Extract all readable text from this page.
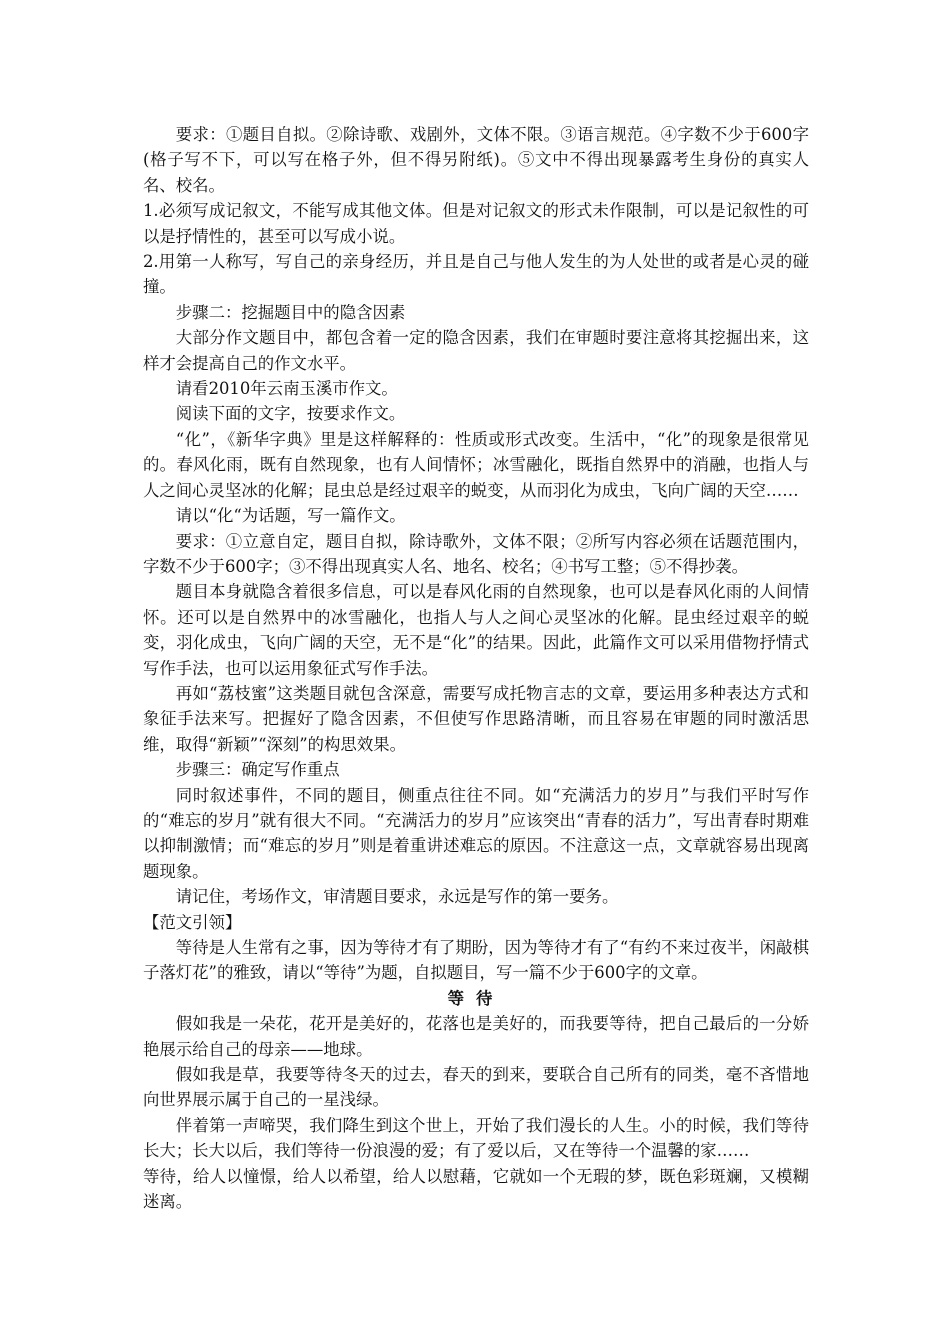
要求：①题目自拟。②除诗歌、戏剧外，文体不限。③语言规范。④字数不少于600字(格子写不下，可以写在格子外，但不得另附纸)。⑤文中不得出现暴露考生身份的真实人名、校名。

1.必须写成记叙文，不能写成其他文体。但是对记叙文的形式未作限制，可以是记叙性的可以是抒情性的，甚至可以写成小说。

2.用第一人称写，写自己的亲身经历，并且是自己与他人发生的为人处世的或者是心灵的碰撞。

步骤二：挖掘题目中的隐含因素

大部分作文题目中，都包含着一定的隐含因素，我们在审题时要注意将其挖掘出来，这样才会提高自己的作文水平。

请看2010年云南玉溪市作文。

阅读下面的文字，按要求作文。

“化”，《新华字典》里是这样解释的：性质或形式改变。生活中，“化”的现象是很常见的。春风化雨，既有自然现象，也有人间情怀；冰雪融化，既指自然界中的消融，也指人与人之间心灵坚冰的化解；昆虫总是经过艰辛的蜕变，从而羽化为成虫，飞向广阔的天空……

请以“化“为话题，写一篇作文。

要求：①立意自定，题目自拟，除诗歌外，文体不限；②所写内容必须在话题范围内，字数不少于600字；③不得出现真实人名、地名、校名；④书写工整；⑤不得抄袭。

题目本身就隐含着很多信息，可以是春风化雨的自然现象，也可以是春风化雨的人间情怀。还可以是自然界中的冰雪融化，也指人与人之间心灵坚冰的化解。昆虫经过艰辛的蜕变，羽化成虫，飞向广阔的天空，无不是“化”的结果。因此，此篇作文可以采用借物抒情式写作手法，也可以运用象征式写作手法。

再如“荔枝蜜”这类题目就包含深意，需要写成托物言志的文章，要运用多种表达方式和象征手法来写。把握好了隐含因素，不但使写作思路清晰，而且容易在审题的同时激活思维，取得“新颖”“深刻”的构思效果。

步骤三：确定写作重点

同时叙述事件，不同的题目，侧重点往往不同。如“充满活力的岁月”与我们平时写作的“难忘的岁月”就有很大不同。“充满活力的岁月”应该突出“青春的活力”，写出青春时期难以抑制激情；而“难忘的岁月”则是着重讲述难忘的原因。不注意这一点，文章就容易出现离题现象。

请记住，考场作文，审清题目要求，永远是写作的第一要务。

【范文引领】

等待是人生常有之事，因为等待才有了期盼，因为等待才有了“有约不来过夜半，闲敲棋子落灯花”的雅致，请以“等待”为题，自拟题目，写一篇不少于600字的文章。

等待

假如我是一朵花，花开是美好的，花落也是美好的，而我要等待，把自己最后的一分娇艳展示给自己的母亲——地球。

假如我是草，我要等待冬天的过去，春天的到来，要联合自己所有的同类，毫不吝惜地向世界展示属于自己的一星浅绿。

伴着第一声啼哭，我们降生到这个世上，开始了我们漫长的人生。小的时候，我们等待长大；长大以后，我们等待一份浪漫的爱；有了爱以后，又在等待一个温馨的家……

等待，给人以憧憬，给人以希望，给人以慰藉，它就如一个无瑕的梦，既色彩斑斓，又模糊迷离。
